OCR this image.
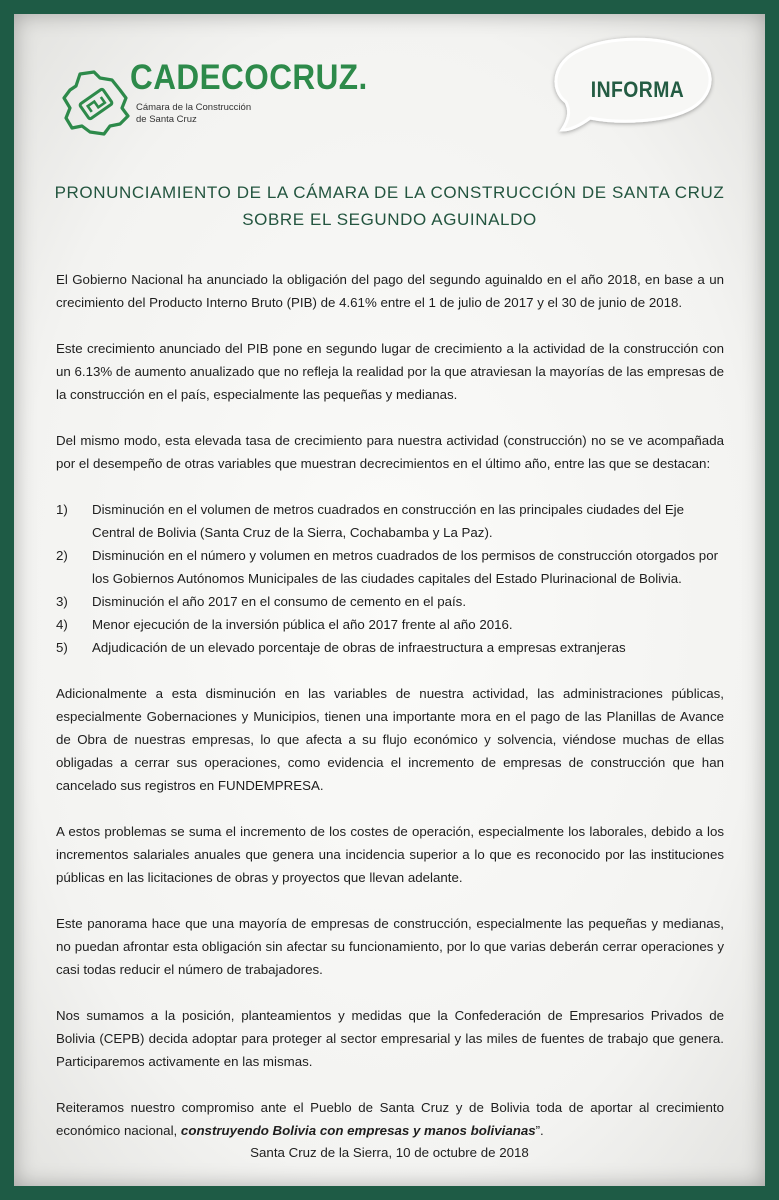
CADECOCRUZ.
Cámara de la Construcción
de Santa Cruz
INFORMA
PRONUNCIAMIENTO DE LA CÁMARA DE LA CONSTRUCCIÓN DE SANTA CRUZ
SOBRE EL SEGUNDO AGUINALDO

El Gobierno Nacional ha anunciado la obligación del pago del segundo aguinaldo en el año 2018, en base a un crecimiento del Producto Interno Bruto (PIB) de 4.61% entre el 1 de julio de 2017 y el 30 de junio de 2018.

Este crecimiento anunciado del PIB pone en segundo lugar de crecimiento a la actividad de la construcción con un 6.13% de aumento anualizado que no refleja la realidad por la que atraviesan la mayorías de las empresas de la construcción en el país, especialmente las pequeñas y medianas.

Del mismo modo, esta elevada tasa de crecimiento para nuestra actividad (construcción) no se ve acompañada por el desempeño de otras variables que muestran decrecimientos en el último año, entre las que se destacan:

1)	Disminución en el volumen de metros cuadrados en construcción en las principales ciudades del Eje Central de Bolivia (Santa Cruz de la Sierra, Cochabamba y La Paz).
2)	Disminución en el número y volumen en metros cuadrados de los permisos de construcción otorgados por los Gobiernos Autónomos Municipales de las ciudades capitales del Estado Plurinacional de Bolivia.
3)	Disminución el año 2017 en el consumo de cemento en el país.
4)	Menor ejecución de la inversión pública el año 2017 frente al año 2016.
5)	Adjudicación de un elevado porcentaje de obras de infraestructura a empresas extranjeras

Adicionalmente a esta disminución en las variables de nuestra actividad, las administraciones públicas, especialmente Gobernaciones y Municipios, tienen una importante mora en el pago de las Planillas de Avance de Obra de nuestras empresas, lo que afecta a su flujo económico y solvencia, viéndose muchas de ellas obligadas a cerrar sus operaciones, como evidencia el incremento de empresas de construcción que han cancelado sus registros en FUNDEMPRESA.

A estos problemas se suma el incremento de los costes de operación, especialmente los laborales, debido a los incrementos salariales anuales que genera una incidencia superior a lo que es reconocido por las instituciones públicas en las licitaciones de obras y proyectos que llevan adelante.

Este panorama hace que una mayoría de empresas de construcción, especialmente las pequeñas y medianas, no puedan afrontar esta obligación sin afectar su funcionamiento, por lo que varias deberán cerrar operaciones y casi todas reducir el número de trabajadores.

Nos sumamos a la posición, planteamientos y medidas que la Confederación de Empresarios Privados de Bolivia (CEPB) decida adoptar para proteger al sector empresarial y las miles de fuentes de trabajo que genera. Participaremos activamente en las mismas.

Reiteramos nuestro compromiso ante el Pueblo de Santa Cruz y de Bolivia toda de aportar al crecimiento económico nacional, construyendo Bolivia con empresas y manos bolivianas”.

Santa Cruz de la Sierra, 10 de octubre de 2018
